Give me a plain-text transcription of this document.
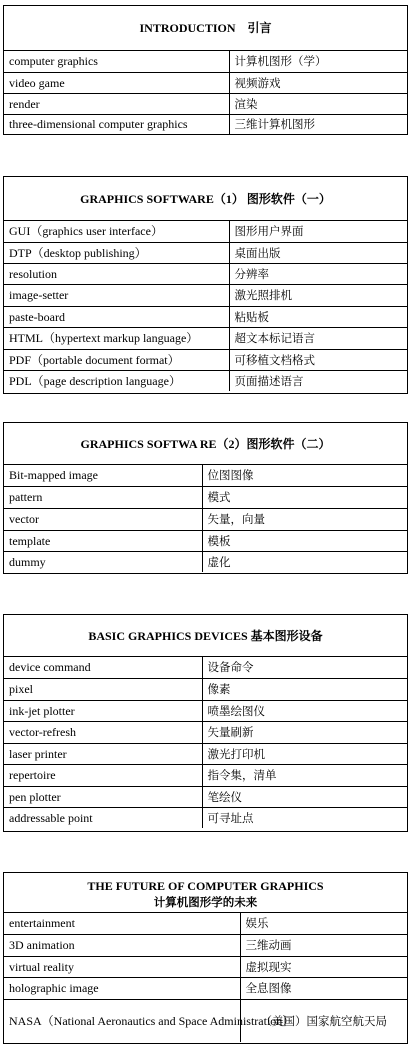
INTRODUCTION　引言
computer graphics	计算机图形（学）
video game	视频游戏
render	渲染
three-dimensional computer graphics	三维计算机图形
GRAPHICS SOFTWARE（1） 图形软件（一）
GUI（graphics user interface）	图形用户界面
DTP（desktop publishing）	桌面出版
resolution	分辨率
image-setter	激光照排机
paste-board	粘贴板
HTML（hypertext markup language）	超文本标记语言
PDF（portable document format）	可移植文档格式
PDL（page description language）	页面描述语言
GRAPHICS SOFTWA RE（2）图形软件（二）
Bit-mapped image	位图图像
pattern	模式
vector	矢量，向量
template	模板
dummy	虚化
BASIC GRAPHICS DEVICES 基本图形设备
device command	设备命令
pixel	像素
ink-jet plotter	喷墨绘图仪
vector-refresh	矢量刷新
laser printer	激光打印机
repertoire	指令集，清单
pen plotter	笔绘仪
addressable point	可寻址点
THE FUTURE OF COMPUTER GRAPHICS
计算机图形学的未来
entertainment	娱乐
3D animation	三维动画
virtual reality	虚拟现实
holographic image	全息图像
NASA（National Aeronautics and Space Administration）	（美国）国家航空航天局
